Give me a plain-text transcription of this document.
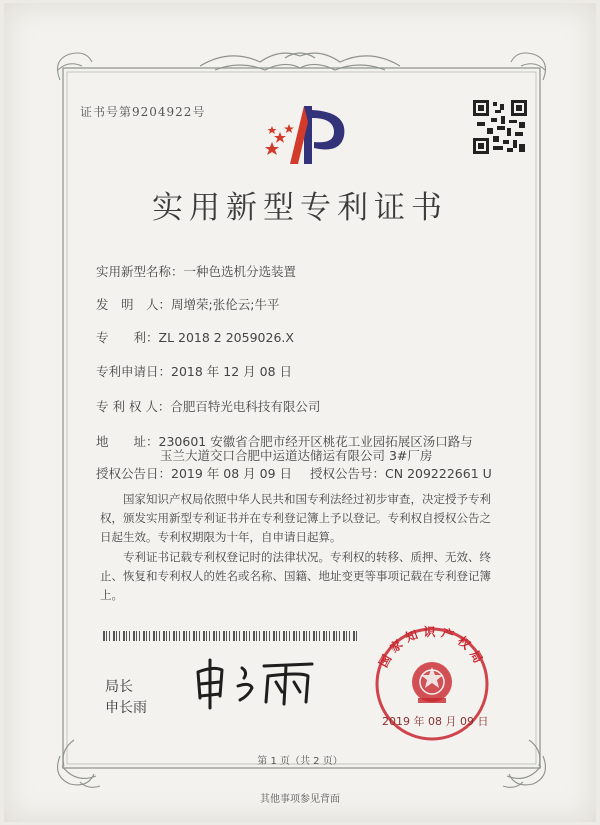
证书号第9204922号
实用新型专利证书
实用新型名称：一种色选机分选装置
发　明　人：周增荣;张伦云;牛平
专　　利：ZL 2018 2 2059026.X
专利申请日：2018 年 12 月 08 日
专 利 权 人：合肥百特光电科技有限公司
地　　址：230601 安徽省合肥市经开区桃花工业园拓展区汤口路与
玉兰大道交口合肥中运道达储运有限公司 3#厂房
授权公告日：2019 年 08 月 09 日 授权公告号：CN 209222661 U
国家知识产权局依照中华人民共和国专利法经过初步审查，决定授予专利权，颁发实用新型专利证书并在专利登记簿上予以登记。专利权自授权公告之日起生效。专利权期限为十年，自申请日起算。
专利证书记载专利权登记时的法律状况。专利权的转移、质押、无效、终止、恢复和专利权人的姓名或名称、国籍、地址变更等事项记载在专利登记簿上。
局长
申长雨
国家知识产权局
2019 年 08 月 09 日
第 1 页（共 2 页）
其他事项参见背面
